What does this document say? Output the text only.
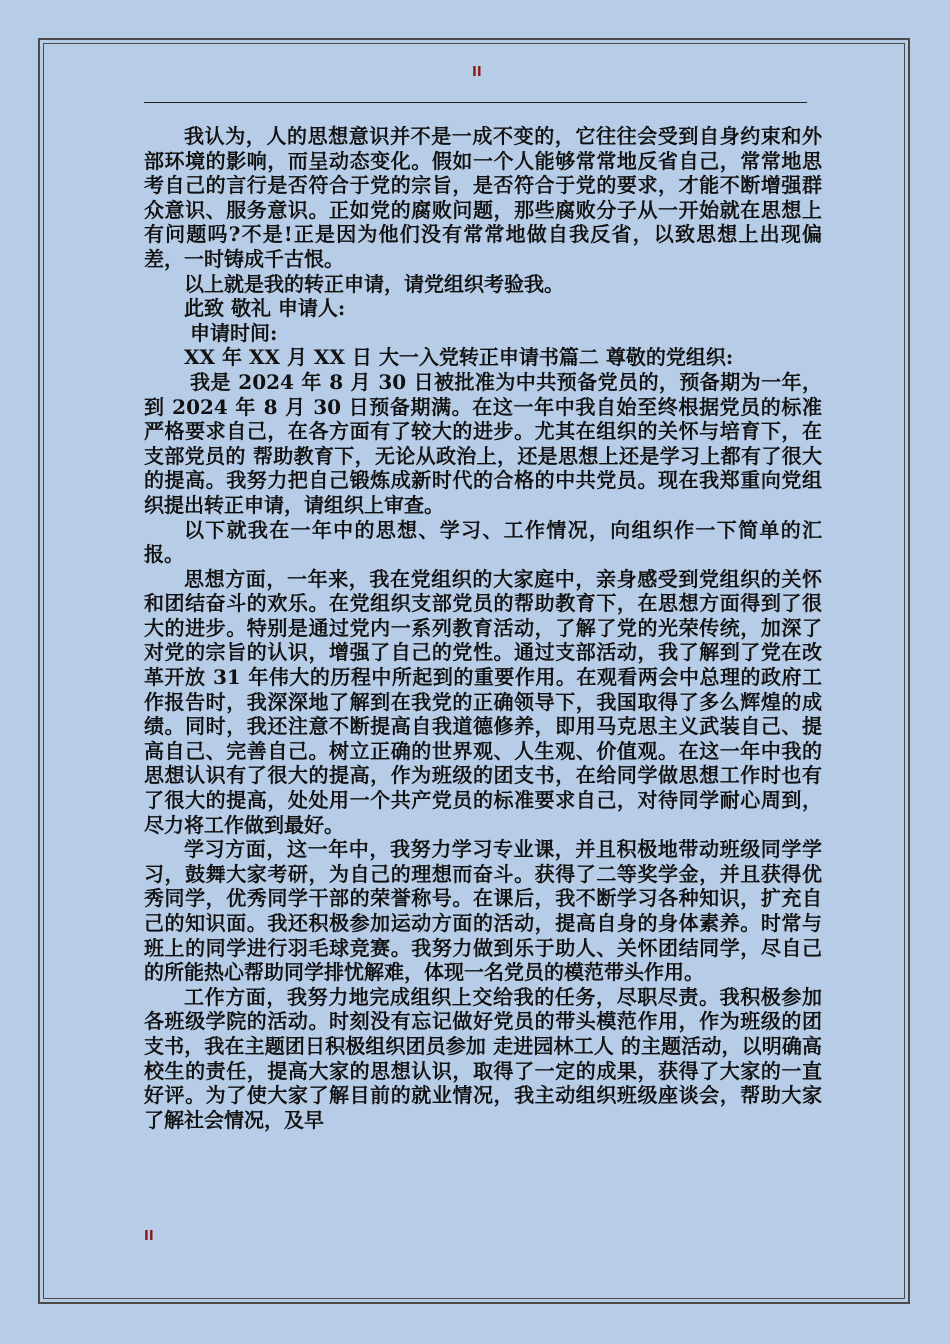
II

我认为，人的思想意识并不是一成不变的，它往往会受到自身约束和外部环境的影响，而呈动态变化。假如一个人能够常常地反省自己，常常地思考自己的言行是否符合于党的宗旨，是否符合于党的要求，才能不断增强群众意识、服务意识。正如党的腐败问题，那些腐败分子从一开始就在思想上有问题吗?不是!正是因为他们没有常常地做自我反省，以致思想上出现偏差，一时铸成千古恨。

以上就是我的转正申请，请党组织考验我。

此致 敬礼 申请人:

申请时间:

XX 年 XX 月 XX 日 大一入党转正申请书篇二 尊敬的党组织:

我是 2024 年 8 月 30 日被批准为中共预备党员的，预备期为一年，到 2024 年 8 月 30 日预备期满。在这一年中我自始至终根据党员的标准严格要求自己，在各方面有了较大的进步。尤其在组织的关怀与培育下，在支部党员的 帮助教育下，无论从政治上，还是思想上还是学习上都有了很大的提高。我努力把自己锻炼成新时代的合格的中共党员。现在我郑重向党组织提出转正申请，请组织上审查。

以下就我在一年中的思想、学习、工作情况，向组织作一下简单的汇报。

思想方面，一年来，我在党组织的大家庭中，亲身感受到党组织的关怀和团结奋斗的欢乐。在党组织支部党员的帮助教育下，在思想方面得到了很大的进步。特别是通过党内一系列教育活动，了解了党的光荣传统，加深了对党的宗旨的认识，增强了自己的党性。通过支部活动，我了解到了党在改革开放 31 年伟大的历程中所起到的重要作用。在观看两会中总理的政府工作报告时，我深深地了解到在我党的正确领导下，我国取得了多么辉煌的成绩。同时，我还注意不断提高自我道德修养，即用马克思主义武装自己、提高自己、完善自己。树立正确的世界观、人生观、价值观。在这一年中我的思想认识有了很大的提高，作为班级的团支书，在给同学做思想工作时也有了很大的提高，处处用一个共产党员的标准要求自己，对待同学耐心周到，尽力将工作做到最好。

学习方面，这一年中，我努力学习专业课，并且积极地带动班级同学学习，鼓舞大家考研，为自己的理想而奋斗。获得了二等奖学金，并且获得优秀同学，优秀同学干部的荣誉称号。在课后，我不断学习各种知识，扩充自己的知识面。我还积极参加运动方面的活动，提高自身的身体素养。时常与班上的同学进行羽毛球竞赛。我努力做到乐于助人、关怀团结同学，尽自己的所能热心帮助同学排忧解难，体现一名党员的模范带头作用。

工作方面，我努力地完成组织上交给我的任务，尽职尽责。我积极参加各班级学院的活动。时刻没有忘记做好党员的带头模范作用，作为班级的团支书，我在主题团日积极组织团员参加 走进园林工人 的主题活动，以明确高校生的责任，提高大家的思想认识，取得了一定的成果，获得了大家的一直好评。为了使大家了解目前的就业情况，我主动组织班级座谈会，帮助大家了解社会情况，及早

II
